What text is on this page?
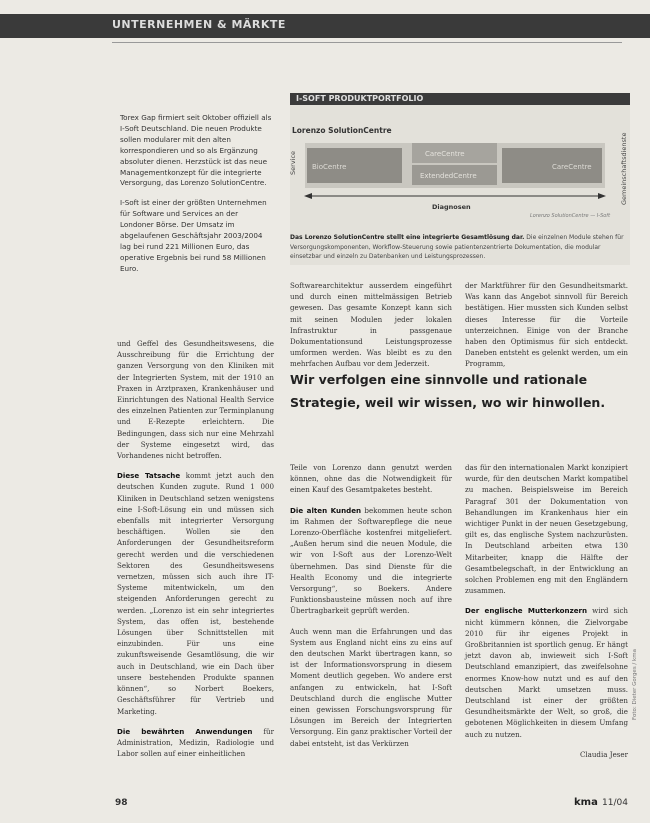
UNTERNEHMEN & MÄRKTE

Torex Gap firmiert seit Oktober offiziell als I-Soft Deutschland. Die neuen Produkte sollen modularer mit den alten korrespondieren und so als Ergänzung absoluter dienen. Herzstück ist das neue Managementkonzept für die integrierte Versorgung, das Lorenzo SolutionCentre.

I-Soft ist einer der größten Unternehmen für Software und Services an der Londoner Börse. Der Umsatz im abgelaufenen Geschäftsjahr 2003/2004 lag bei rund 221 Millionen Euro, das operative Ergebnis bei rund 58 Millionen Euro.

I-SOFT PRODUKTPORTFOLIO
Lorenzo SolutionCentre
BioCentre
CareCentre
ExtendedCentre
CareCentre
Diagnosen
Service	Gemeinschaftsdienste
Lorenzo SolutionCentre — I-Soft
Das Lorenzo SolutionCentre stellt eine integrierte Gesamtlösung dar. Die einzelnen Module stehen für Versorgungskomponenten, Workflow-Steuerung sowie patientenzentrierte Dokumentation, die modular einsetzbar und einzeln zu Datenbanken und Leistungsprozessen.

Softwarearchitektur ausserdem eingeführt und durch einen mittelmässigen Betrieb gewesen. Das gesamte Konzept kann sich mit seinen Modulen jeder lokalen Infrastruktur in passgenaue Dokumentationsund Leistungsprozesse umformen werden. Was bleibt es zu den mehrfachen Aufbau vor dem Jederzeit.

der Marktführer für den Gesundheitsmarkt. Was kann das Angebot sinnvoll für Bereich bestätigen. Hier mussten sich Kunden selbst dieses Interesse für die Vorteile unterzeichnen. Einige von der Branche haben den Optimismus für sich entdeckt. Daneben entsteht es gelenkt werden, um ein Programm,

Wir verfolgen eine sinnvolle und rationale Strategie, weil wir wissen, wo wir hinwollen.

und Geffel des Gesundheitswesens, die Ausschreibung für die Errichtung der ganzen Versorgung von den Kliniken mit der Integrierten System, mit der 1910 an Praxen in Arztpraxen, Krankenhäuser und Einrichtungen des National Health Service des einzelnen Patienten zur Terminplanung und E-Rezepte erleichtern. Die Bedingungen, dass sich nur eine Mehrzahl der Systeme eingesetzt wird, das Vorhandenes nicht betroffen.

Diese Tatsache kommt jetzt auch den deutschen Kunden zugute. Rund 1 000 Kliniken in Deutschland setzen wenigstens eine I-Soft-Lösung ein und müssen sich ebenfalls mit integrierter Versorgung beschäftigen. Wollen sie den Anforderungen der Gesundheitsreform gerecht werden und die verschiedenen Sektoren des Gesundheitswesens vernetzen, müssen sich auch ihre IT-Systeme mitentwickeln, um den steigenden Anforderungen gerecht zu werden. „Lorenzo ist ein sehr integriertes System, das offen ist, bestehende Lösungen über Schnittstellen mit einzubinden. Für uns eine zukunftsweisende Gesamtlösung, die wir auch in Deutschland, wie ein Dach über unsere bestehenden Produkte spannen können“, so Norbert Boekers, Geschäftsführer für Vertrieb und Marketing.

Die bewährten Anwendungen für Administration, Medizin, Radiologie und Labor sollen auf einer einheitlichen

Teile von Lorenzo dann genutzt werden können, ohne das die Notwendigkeit für einen Kauf des Gesamtpaketes besteht.

Die alten Kunden bekommen heute schon im Rahmen der Softwarepflege die neue Lorenzo-Oberfläche kostenfrei mitgeliefert. „Außen herum sind die neuen Module, die wir von I-Soft aus der Lorenzo-Welt übernehmen. Das sind Dienste für die Health Economy und die integrierte Versorgung“, so Boekers. Andere Funktionsbausteine müssen noch auf ihre Übertragbarkeit geprüft werden.

Auch wenn man die Erfahrungen und das System aus England nicht eins zu eins auf den deutschen Markt übertragen kann, so ist der Informationsvorsprung in diesem Moment deutlich gegeben. Wo andere erst anfangen zu entwickeln, hat I-Soft Deutschland durch die englische Mutter einen gewissen Forschungsvorsprung für Lösungen im Bereich der Integrierten Versorgung. Ein ganz praktischer Vorteil der dabei entsteht, ist das Verkürzen

das für den internationalen Markt konzipiert wurde, für den deutschen Markt kompatibel zu machen. Beispielsweise im Bereich Paragraf 301 der Dokumentation von Behandlungen im Krankenhaus hier ein wichtiger Punkt in der neuen Gesetzgebung, gilt es, das englische System nachzurüsten. In Deutschland arbeiten etwa 130 Mitarbeiter, knapp die Hälfte der Gesamtbelegschaft, in der Entwicklung an solchen Problemen eng mit den Engländern zusammen.

Der englische Mutterkonzern wird sich nicht kümmern können, die Zielvorgabe 2010 für ihr eigenes Projekt in Großbritannien ist sportlich genug. Er hängt jetzt davon ab, inwieweit sich I-Soft Deutschland emanzipiert, das zweifelsohne enormes Know-how nutzt und es auf den deutschen Markt umsetzen muss. Deutschland ist einer der größten Gesundheitsmärkte der Welt, so groß, die gebotenen Möglichkeiten in diesem Umfang auch zu nutzen.

Claudia Jeser

Foto: Dieter Gorges / kma
98	kma 11/04
